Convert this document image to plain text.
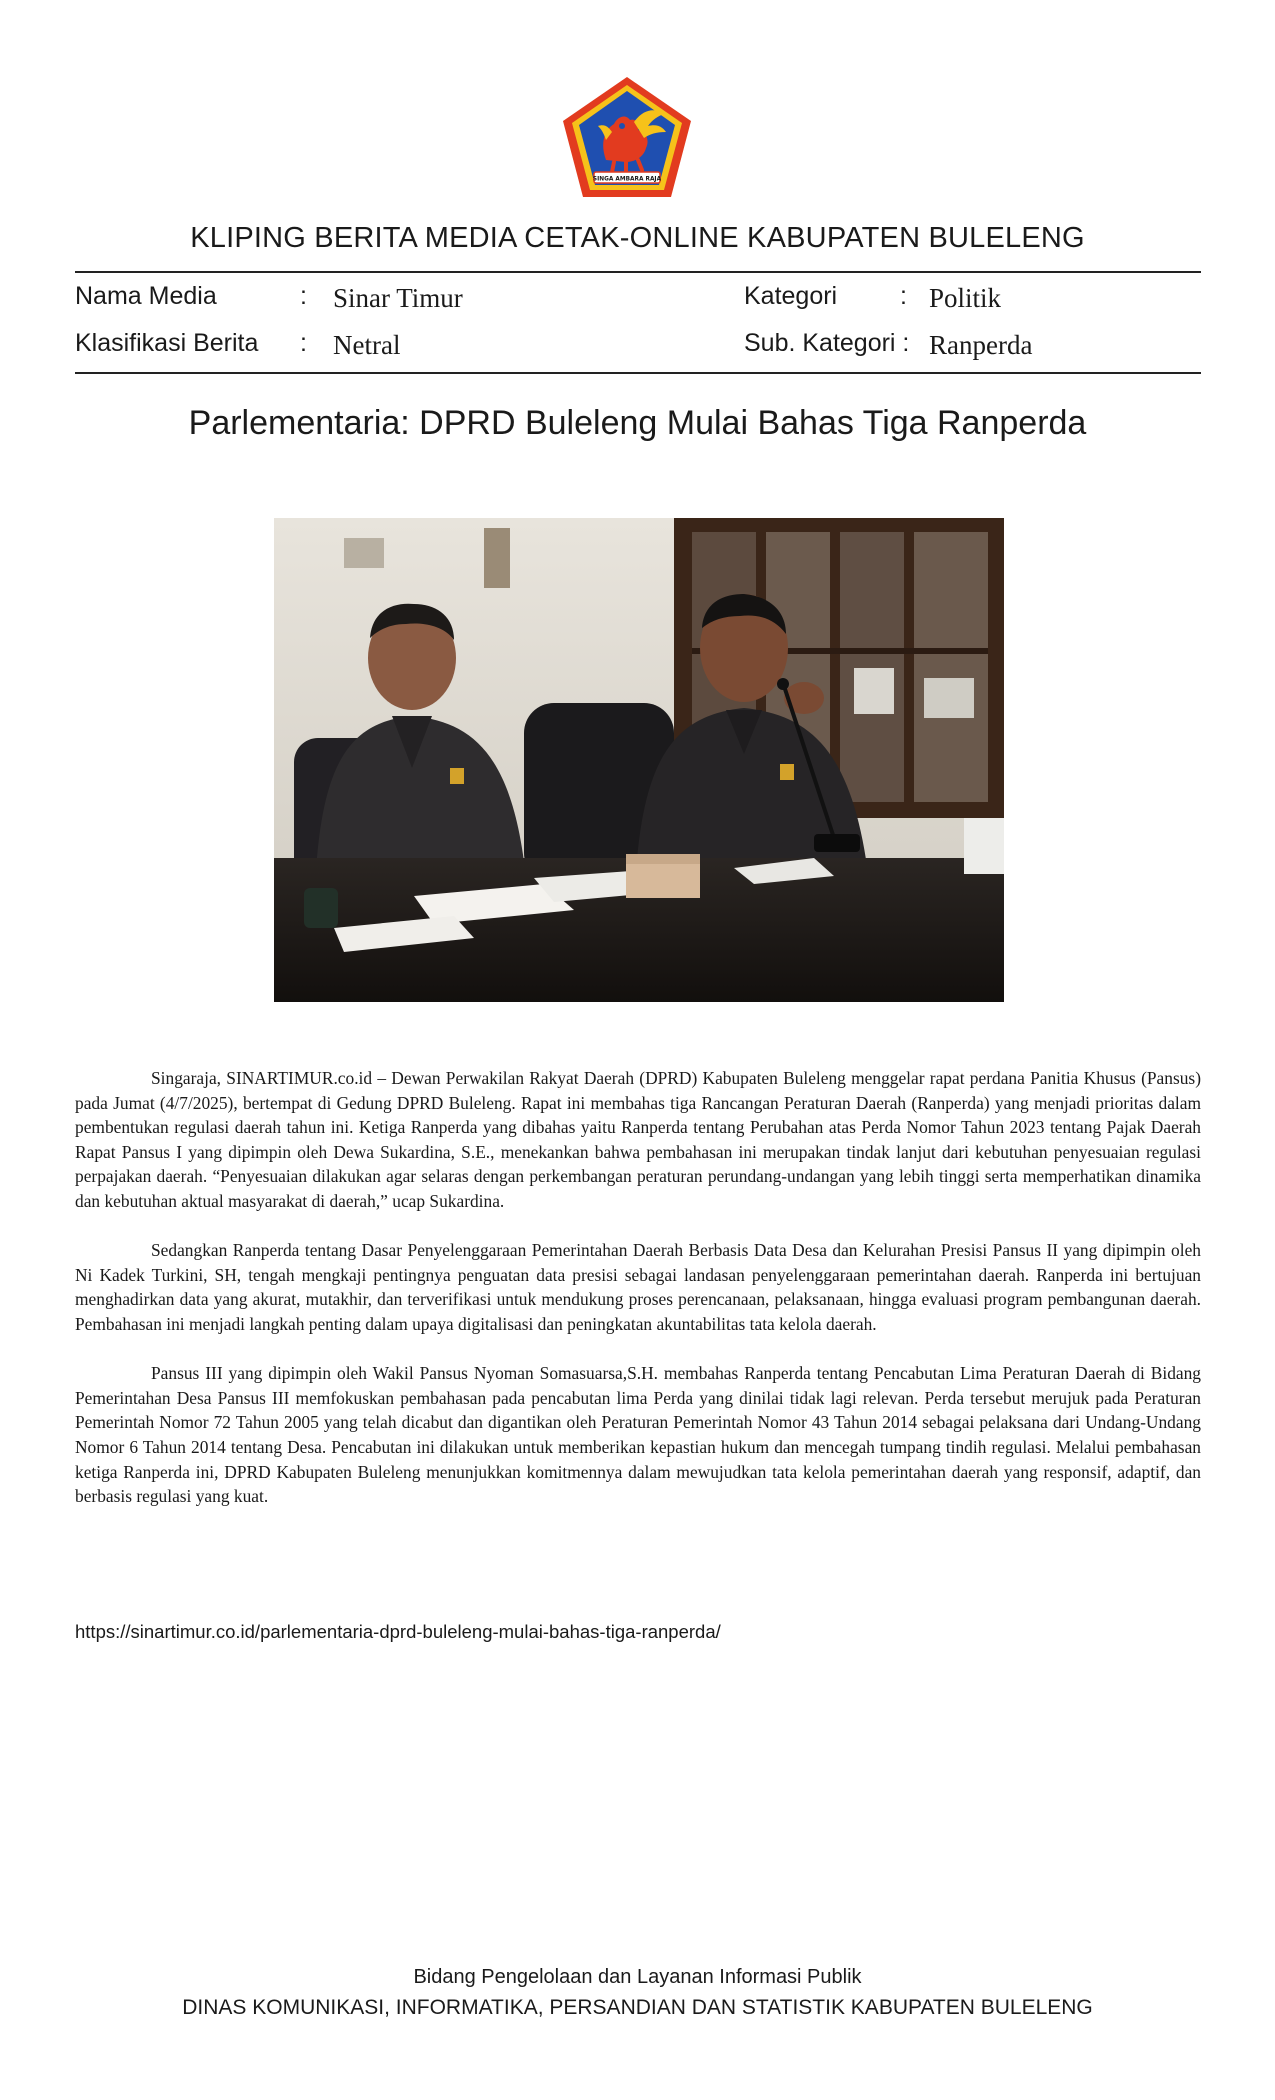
SINGA AMBARA RAJA
KLIPING BERITA MEDIA CETAK-ONLINE KABUPATEN BULELENG
Nama Media	: Sinar Timur
Klasifikasi Berita : Netral
Kategori	: Politik
Sub. Kategori : Ranperda
Parlementaria: DPRD Buleleng Mulai Bahas Tiga Ranperda

Singaraja, SINARTIMUR.co.id – Dewan Perwakilan Rakyat Daerah (DPRD) Kabupaten Buleleng menggelar rapat perdana Panitia Khusus (Pansus) pada Jumat (4/7/2025), bertempat di Gedung DPRD Buleleng. Rapat ini membahas tiga Rancangan Peraturan Daerah (Ranperda) yang menjadi prioritas dalam pembentukan regulasi daerah tahun ini. Ketiga Ranperda yang dibahas yaitu Ranperda tentang Perubahan atas Perda Nomor Tahun 2023 tentang Pajak Daerah Rapat Pansus I yang dipimpin oleh Dewa Sukardina, S.E., menekankan bahwa pembahasan ini merupakan tindak lanjut dari kebutuhan penyesuaian regulasi perpajakan daerah. “Penyesuaian dilakukan agar selaras dengan perkembangan peraturan perundang-undangan yang lebih tinggi serta memperhatikan dinamika dan kebutuhan aktual masyarakat di daerah,” ucap Sukardina.

Sedangkan Ranperda tentang Dasar Penyelenggaraan Pemerintahan Daerah Berbasis Data Desa dan Kelurahan Presisi Pansus II yang dipimpin oleh Ni Kadek Turkini, SH, tengah mengkaji pentingnya penguatan data presisi sebagai landasan penyelenggaraan pemerintahan daerah. Ranperda ini bertujuan menghadirkan data yang akurat, mutakhir, dan terverifikasi untuk mendukung proses perencanaan, pelaksanaan, hingga evaluasi program pembangunan daerah. Pembahasan ini menjadi langkah penting dalam upaya digitalisasi dan peningkatan akuntabilitas tata kelola daerah.

Pansus III yang dipimpin oleh Wakil Pansus Nyoman Somasuarsa,S.H. membahas Ranperda tentang Pencabutan Lima Peraturan Daerah di Bidang Pemerintahan Desa Pansus III memfokuskan pembahasan pada pencabutan lima Perda yang dinilai tidak lagi relevan. Perda tersebut merujuk pada Peraturan Pemerintah Nomor 72 Tahun 2005 yang telah dicabut dan digantikan oleh Peraturan Pemerintah Nomor 43 Tahun 2014 sebagai pelaksana dari Undang-Undang Nomor 6 Tahun 2014 tentang Desa. Pencabutan ini dilakukan untuk memberikan kepastian hukum dan mencegah tumpang tindih regulasi. Melalui pembahasan ketiga Ranperda ini, DPRD Kabupaten Buleleng menunjukkan komitmennya dalam mewujudkan tata kelola pemerintahan daerah yang responsif, adaptif, dan berbasis regulasi yang kuat.

https://sinartimur.co.id/parlementaria-dprd-buleleng-mulai-bahas-tiga-ranperda/
Bidang Pengelolaan dan Layanan Informasi Publik
DINAS KOMUNIKASI, INFORMATIKA, PERSANDIAN DAN STATISTIK KABUPATEN BULELENG
